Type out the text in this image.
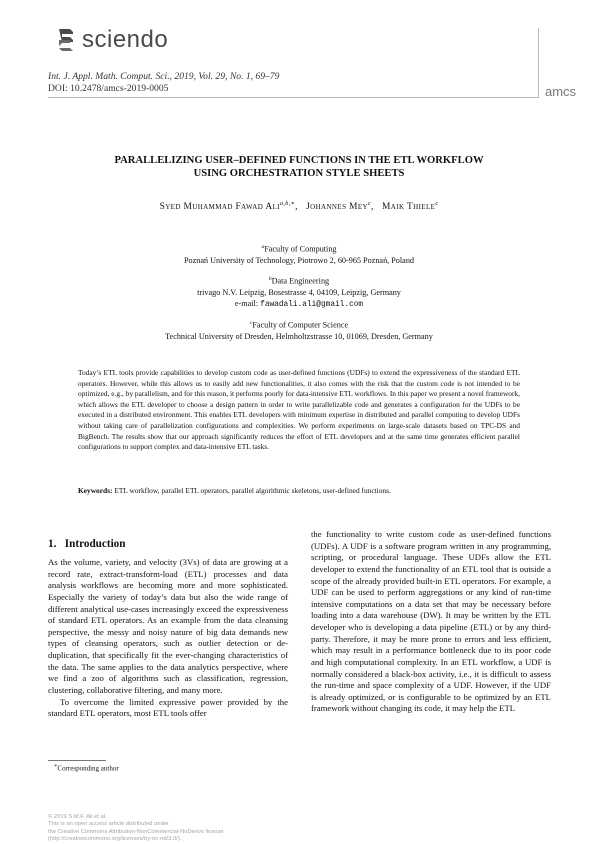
sciendo
Int. J. Appl. Math. Comput. Sci., 2019, Vol. 29, No. 1, 69–79
DOI: 10.2478/amcs-2019-0005	amcs
PARALLELIZING USER–DEFINED FUNCTIONS IN THE ETL WORKFLOW
USING ORCHESTRATION STYLE SHEETS
Syed Muhammad Fawad Ali$^{a,b,∗}$,   Johannes Mey$^c$,   Maik Thiele$^c$
$^a$Faculty of Computing
Poznań University of Technology, Piotrowo 2, 60-965 Poznań, Poland
$^b$Data Engineering
trivago N.V. Leipzig, Bosestrasse 4, 04109, Leipzig, Germany
e-mail: fawadali.ali@gmail.com
$^c$Faculty of Computer Science
Technical University of Dresden, Helmholtzstrasse 10, 01069, Dresden, Germany
Today’s ETL tools provide capabilities to develop custom code as user-defined functions (UDFs) to extend the expressiveness of the standard ETL operators. However, while this allows us to easily add new functionalities, it also comes with the risk that the custom code is not intended to be optimized, e.g., by parallelism, and for this reason, it performs poorly for data-intensive ETL workflows. In this paper we present a novel framework, which allows the ETL developer to choose a design pattern in order to write parallelizable code and generates a configuration for the UDFs to be executed in a distributed environment. This enables ETL developers with minimum expertise in distributed and parallel computing to develop UDFs without taking care of parallelization configurations and complexities. We perform experiments on large-scale datasets based on TPC-DS and BigBench. The results show that our approach significantly reduces the effort of ETL developers and at the same time generates efficient parallel configurations to support complex and data-intensive ETL tasks.
Keywords: ETL workflow, parallel ETL operators, parallel algorithmic skeletons, user-defined functions.
1. Introduction

As the volume, variety, and velocity (3Vs) of data are growing at a record rate, extract-transform-load (ETL) processes and data analysis workflows are becoming more and more sophisticated. Especially the variety of today’s data but also the wide range of different analytical use-cases increasingly exceed the expressiveness of standard ETL operators. As an example from the data cleansing perspective, the messy and noisy nature of big data demands new types of cleansing operators, such as outlier detection or de-duplication, that specifically fit the ever-changing characteristics of the data. The same applies to the data analytics perspective, where we find a zoo of algorithms such as classification, regression, clustering, collaborative filtering, and many more.

To overcome the limited expressive power provided by the standard ETL operators, most ETL tools offer

the functionality to write custom code as user-defined functions (UDFs). A UDF is a software program written in any programming, scripting, or procedural language. These UDFs allow the ETL developer to extend the functionality of an ETL tool that is outside a scope of the already provided built-in ETL operators. For example, a UDF can be used to perform aggregations or any kind of run-time intensive computations on a data set that may be necessary before loading into a data warehouse (DW). It may be written by the ETL developer who is developing a data pipeline (ETL) or by any third-party. Therefore, it may be more prone to errors and less efficient, which may result in a performance bottleneck due to its poor code and high computational complexity. In an ETL workflow, a UDF is normally considered a black-box activity, i.e., it is difficult to assess the run-time and space complexity of a UDF. However, if the UDF is already optimized, or is configurable to be optimized by an ETL framework without changing its code, it may help the ETL

∗Corresponding author
© 2019 S.M.F. Ali et al.
This is an open access article distributed under
the Creative Commons Attribution-NonCommercial-NoDerivs license
(http://creativecommons.org/licenses/by-nc-nd/3.0/).
